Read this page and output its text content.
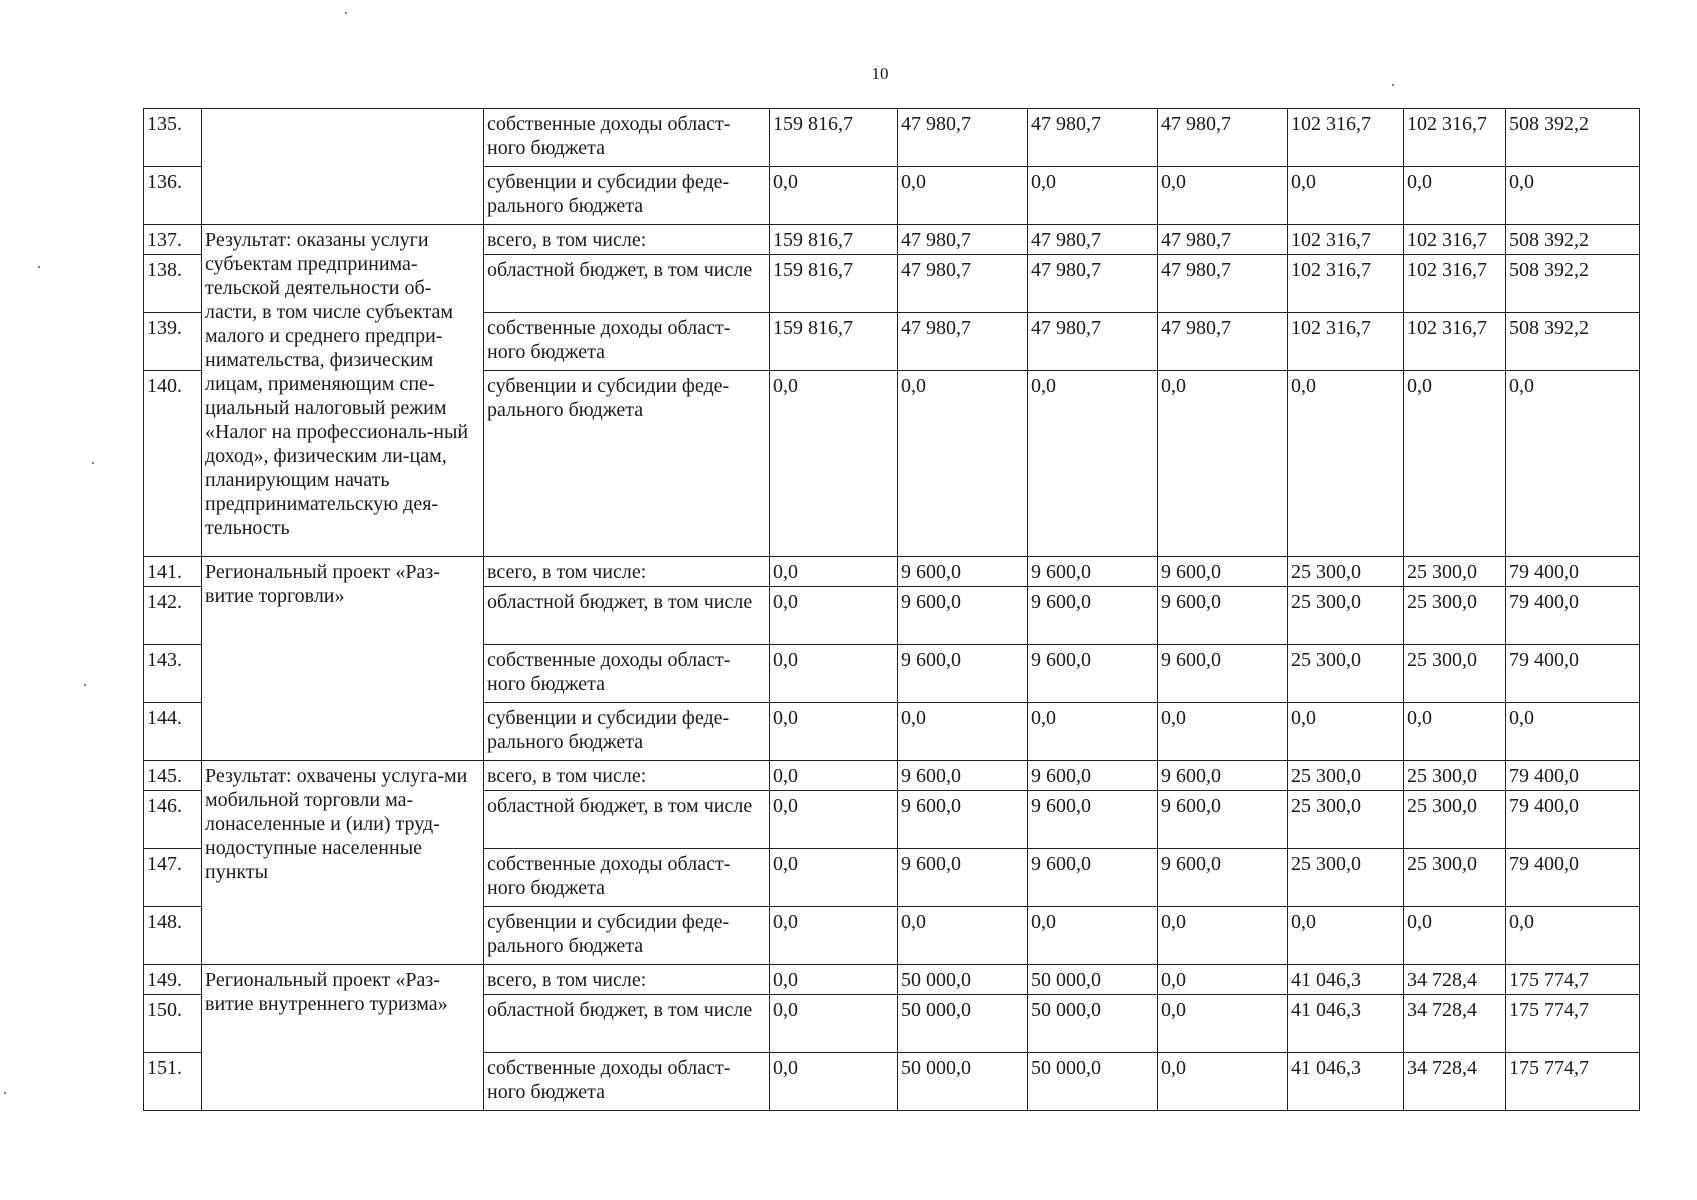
10
135.		собственные доходы област-ного бюджета	159 816,7	47 980,7	47 980,7	47 980,7	102 316,7	102 316,7	508 392,2
136.		субвенции и субсидии феде-рального бюджета	0,0	0,0	0,0	0,0	0,0	0,0	0,0
137.	Результат: оказаны услуги субъектам предпринима-тельской деятельности об-ласти, в том числе субъектам малого и среднего предпри-нимательства, физическим лицам, применяющим спе-циальный налоговый режим «Налог на профессиональ-ный доход», физическим ли-цам, планирующим начать предпринимательскую дея-тельность	всего, в том числе:	159 816,7	47 980,7	47 980,7	47 980,7	102 316,7	102 316,7	508 392,2
138.		областной бюджет, в том числе	159 816,7	47 980,7	47 980,7	47 980,7	102 316,7	102 316,7	508 392,2
139.		собственные доходы област-ного бюджета	159 816,7	47 980,7	47 980,7	47 980,7	102 316,7	102 316,7	508 392,2
140.		субвенции и субсидии феде-рального бюджета	0,0	0,0	0,0	0,0	0,0	0,0	0,0
141.	Региональный проект «Раз-витие торговли»	всего, в том числе:	0,0	9 600,0	9 600,0	9 600,0	25 300,0	25 300,0	79 400,0
142.		областной бюджет, в том числе	0,0	9 600,0	9 600,0	9 600,0	25 300,0	25 300,0	79 400,0
143.		собственные доходы област-ного бюджета	0,0	9 600,0	9 600,0	9 600,0	25 300,0	25 300,0	79 400,0
144.		субвенции и субсидии феде-рального бюджета	0,0	0,0	0,0	0,0	0,0	0,0	0,0
145.	Результат: охвачены услуга-ми мобильной торговли ма-лонаселенные и (или) труд-нодоступные населенные пункты	всего, в том числе:	0,0	9 600,0	9 600,0	9 600,0	25 300,0	25 300,0	79 400,0
146.		областной бюджет, в том числе	0,0	9 600,0	9 600,0	9 600,0	25 300,0	25 300,0	79 400,0
147.		собственные доходы област-ного бюджета	0,0	9 600,0	9 600,0	9 600,0	25 300,0	25 300,0	79 400,0
148.		субвенции и субсидии феде-рального бюджета	0,0	0,0	0,0	0,0	0,0	0,0	0,0
149.	Региональный проект «Раз-витие внутреннего туризма»	всего, в том числе:	0,0	50 000,0	50 000,0	0,0	41 046,3	34 728,4	175 774,7
150.		областной бюджет, в том числе	0,0	50 000,0	50 000,0	0,0	41 046,3	34 728,4	175 774,7
151.		собственные доходы област-ного бюджета	0,0	50 000,0	50 000,0	0,0	41 046,3	34 728,4	175 774,7
